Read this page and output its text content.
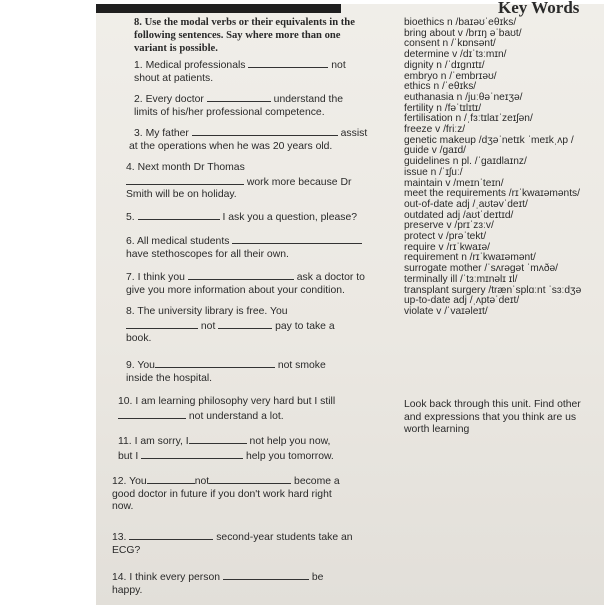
Key Words
8. Use the modal verbs or their equivalents in the
following sentences. Say where more than one
variant is possible.
1. Medical professionals	not
shout at patients.
2. Every doctor	understand the
limits of his/her professional competence.
3. My father	assist
at the operations when he was 20 years old.
4. Next month Dr Thomas
work more because Dr
Smith will be on holiday.
5.	I ask you a question, please?
6. All medical students
have stethoscopes for all their own.
7. I think you	ask a doctor to
give you more information about your condition.
8. The university library is free. You
not	pay to take a
book.
9. You	not smoke
inside the hospital.
10. I am learning philosophy very hard but I still
not understand a lot.
11. I am sorry, I	not help you now,
but I	help you tomorrow.
12. You	not	become a
good doctor in future if you don't work hard right
now.
13.	second-year students take an
ECG?
14. I think every person	be
happy.
bioethics n /baɪəʊˈeθɪks/
bring about v /brɪŋ əˈbaʊt/
consent n /ˈkɒnsənt/
determine v /dɪˈtɜːmɪn/
dignity n /ˈdɪgnɪtɪ/
embryo n /ˈembrɪəʊ/
ethics n /ˈeθɪks/
euthanasia n /juːθəˈneɪʒə/
fertility n /fəˈtɪlɪtɪ/
fertilisation n /ˌfɜːtɪlaɪˈzeɪʃən/
freeze v /friːz/
genetic makeup /dʒəˈnetɪk ˈmeɪkˌʌp /
guide v /gaɪd/
guidelines n pl. /ˈgaɪdlaɪnz/
issue n /ˈɪʃuː/
maintain v /meɪnˈteɪn/
meet the requirements /rɪˈkwaɪəmənts/
out-of-date adj /ˌaʊtəvˈdeɪt/
outdated adj /aʊtˈdeɪtɪd/
preserve v /prɪˈzɜːv/
protect v /prəˈtekt/
require v /rɪˈkwaɪə/
requirement n /rɪˈkwaɪəmənt/
surrogate mother /ˈsʌrəgət ˈmʌðə/
terminally ill /ˈtɜːmɪnəlɪ ɪl/
transplant surgery /trænˈsplɑːnt ˈsɜːdʒə
up-to-date adj /ˌʌptəˈdeɪt/
violate v /ˈvaɪəleɪt/
Look back through this unit. Find other
and expressions that you think are us
worth learning
